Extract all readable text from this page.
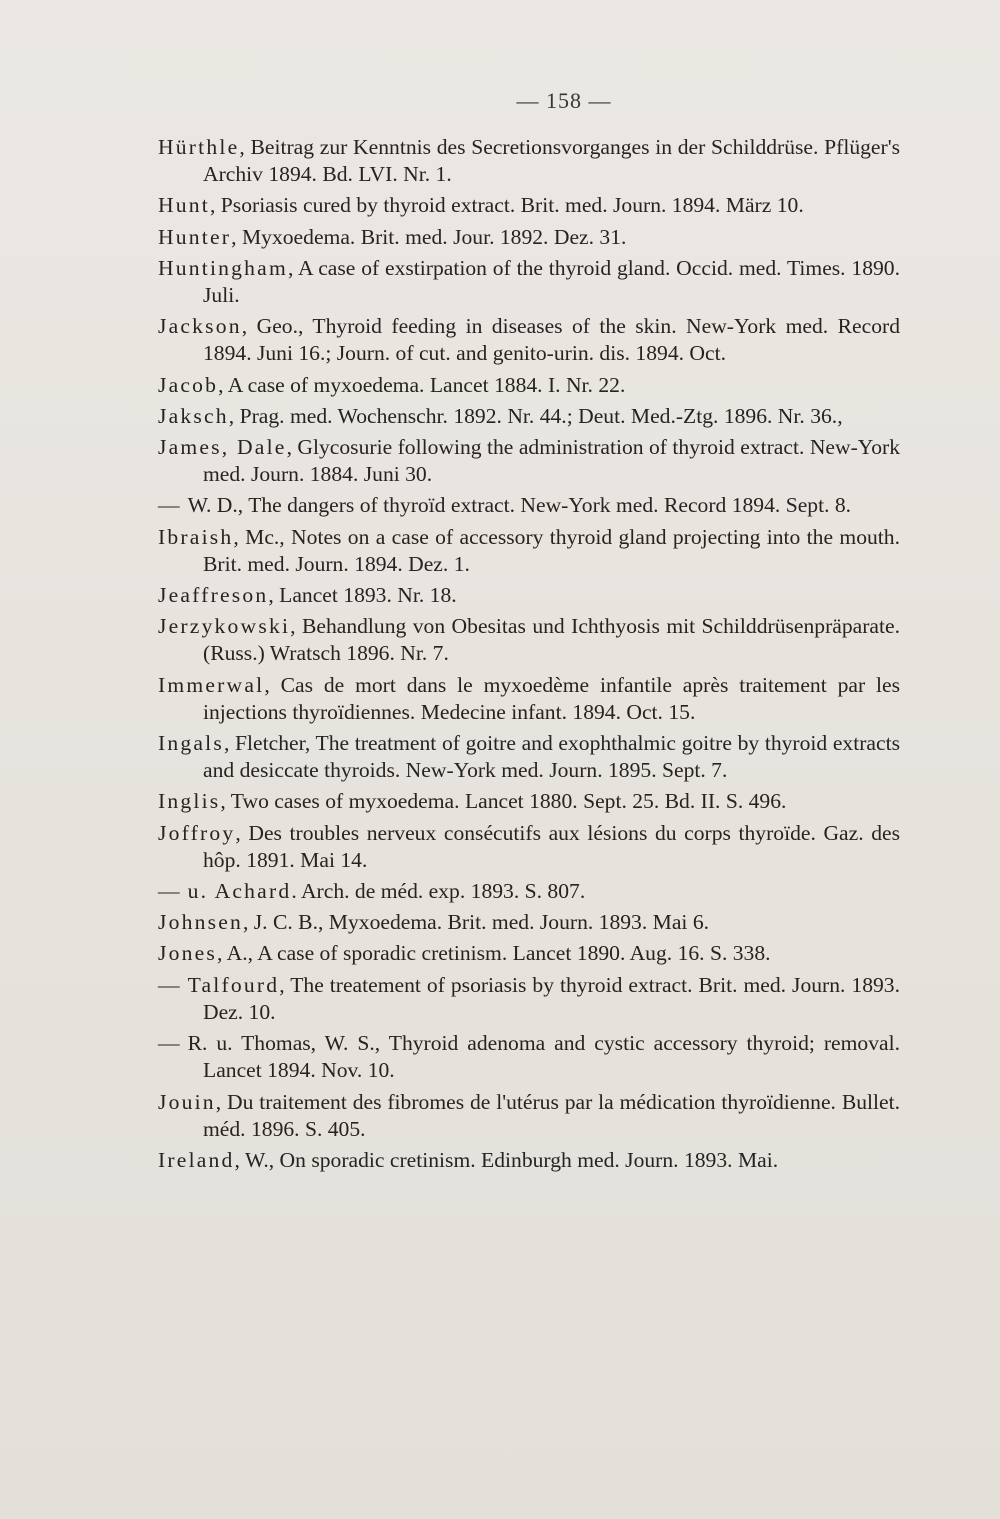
— 158 —
Hürthle, Beitrag zur Kenntnis des Secretionsvorganges in der Schilddrüse. Pflüger's Archiv 1894. Bd. LVI. Nr. 1.
Hunt, Psoriasis cured by thyroid extract. Brit. med. Journ. 1894. März 10.
Hunter, Myxoedema. Brit. med. Jour. 1892. Dez. 31.
Huntingham, A case of exstirpation of the thyroid gland. Occid. med. Times. 1890. Juli.
Jackson, Geo., Thyroid feeding in diseases of the skin. New-York med. Record 1894. Juni 16.; Journ. of cut. and genito-urin. dis. 1894. Oct.
Jacob, A case of myxoedema. Lancet 1884. I. Nr. 22.
Jaksch, Prag. med. Wochenschr. 1892. Nr. 44.; Deut. Med.-Ztg. 1896. Nr. 36.,
James, Dale, Glycosurie following the administration of thyroid extract. New-York med. Journ. 1884. Juni 30.
— W. D., The dangers of thyroïd extract. New-York med. Record 1894. Sept. 8.
Ibraish, Mc., Notes on a case of accessory thyroid gland projecting into the mouth. Brit. med. Journ. 1894. Dez. 1.
Jeaffreson, Lancet 1893. Nr. 18.
Jerzykowski, Behandlung von Obesitas und Ichthyosis mit Schilddrüsenpräparate. (Russ.) Wratsch 1896. Nr. 7.
Immerwal, Cas de mort dans le myxoedème infantile après traitement par les injections thyroïdiennes. Medecine infant. 1894. Oct. 15.
Ingals, Fletcher, The treatment of goitre and exophthalmic goitre by thyroid extracts and desiccate thyroids. New-York med. Journ. 1895. Sept. 7.
Inglis, Two cases of myxoedema. Lancet 1880. Sept. 25. Bd. II. S. 496.
Joffroy, Des troubles nerveux consécutifs aux lésions du corps thyroïde. Gaz. des hôp. 1891. Mai 14.
— u. Achard. Arch. de méd. exp. 1893. S. 807.
Johnsen, J. C. B., Myxoedema. Brit. med. Journ. 1893. Mai 6.
Jones, A., A case of sporadic cretinism. Lancet 1890. Aug. 16. S. 338.
— Talfourd, The treatement of psoriasis by thyroid extract. Brit. med. Journ. 1893. Dez. 10.
— R. u. Thomas, W. S., Thyroid adenoma and cystic accessory thyroid; removal. Lancet 1894. Nov. 10.
Jouin, Du traitement des fibromes de l'utérus par la médication thyroïdienne. Bullet. méd. 1896. S. 405.
Ireland, W., On sporadic cretinism. Edinburgh med. Journ. 1893. Mai.
